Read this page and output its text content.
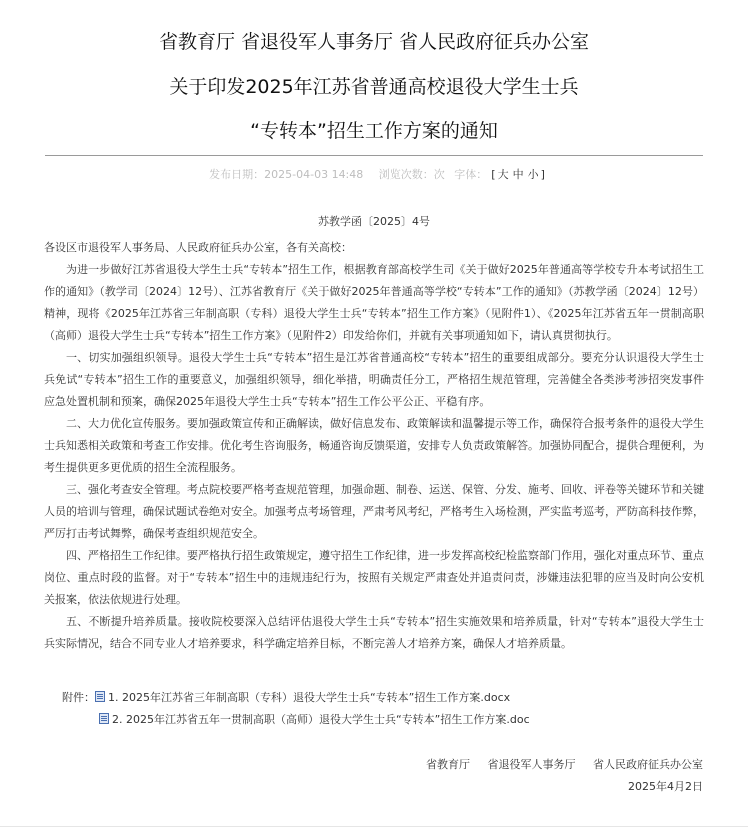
省教育厅 省退役军人事务厅 省人民政府征兵办公室
关于印发2025年江苏省普通高校退役大学生士兵
“专转本”招生工作方案的通知
发布日期：2025-04-03 14:48 浏览次数：次 字体： [ 大 中 小 ]
苏教学函〔2025〕4号

各设区市退役军人事务局、人民政府征兵办公室，各有关高校：

为进一步做好江苏省退役大学生士兵“专转本”招生工作，根据教育部高校学生司《关于做好2025年普通高等学校专升本考试招生工作的通知》（教学司〔2024〕12号）、江苏省教育厅《关于做好2025年普通高等学校“专转本”工作的通知》（苏教学函〔2024〕12号）精神，现将《2025年江苏省三年制高职（专科）退役大学生士兵“专转本”招生工作方案》（见附件1）、《2025年江苏省五年一贯制高职（高师）退役大学生士兵“专转本”招生工作方案》（见附件2）印发给你们，并就有关事项通知如下，请认真贯彻执行。

一、切实加强组织领导。退役大学生士兵“专转本”招生是江苏省普通高校“专转本”招生的重要组成部分。要充分认识退役大学生士兵免试“专转本”招生工作的重要意义，加强组织领导，细化举措，明确责任分工，严格招生规范管理，完善健全各类涉考涉招突发事件应急处置机制和预案，确保2025年退役大学生士兵“专转本”招生工作公平公正、平稳有序。

二、大力优化宣传服务。要加强政策宣传和正确解读，做好信息发布、政策解读和温馨提示等工作，确保符合报考条件的退役大学生士兵知悉相关政策和考查工作安排。优化考生咨询服务，畅通咨询反馈渠道，安排专人负责政策解答。加强协同配合，提供合理便利，为考生提供更多更优质的招生全流程服务。

三、强化考查安全管理。考点院校要严格考查规范管理，加强命题、制卷、运送、保管、分发、施考、回收、评卷等关键环节和关键人员的培训与管理，确保试题试卷绝对安全。加强考点考场管理，严肃考风考纪，严格考生入场检测，严实监考巡考，严防高科技作弊，严厉打击考试舞弊，确保考查组织规范安全。

四、严格招生工作纪律。要严格执行招生政策规定，遵守招生工作纪律，进一步发挥高校纪检监察部门作用，强化对重点环节、重点岗位、重点时段的监督。对于“专转本”招生中的违规违纪行为，按照有关规定严肃查处并追责问责，涉嫌违法犯罪的应当及时向公安机关报案，依法依规进行处理。

五、不断提升培养质量。接收院校要深入总结评估退役大学生士兵“专转本”招生实施效果和培养质量，针对“专转本”退役大学生士兵实际情况，结合不同专业人才培养要求，科学确定培养目标，不断完善人才培养方案，确保人才培养质量。

附件： 1. 2025年江苏省三年制高职（专科）退役大学生士兵“专转本”招生工作方案.docx
2. 2025年江苏省五年一贯制高职（高师）退役大学生士兵“专转本”招生工作方案.doc
省教育厅 省退役军人事务厅 省人民政府征兵办公室
2025年4月2日
